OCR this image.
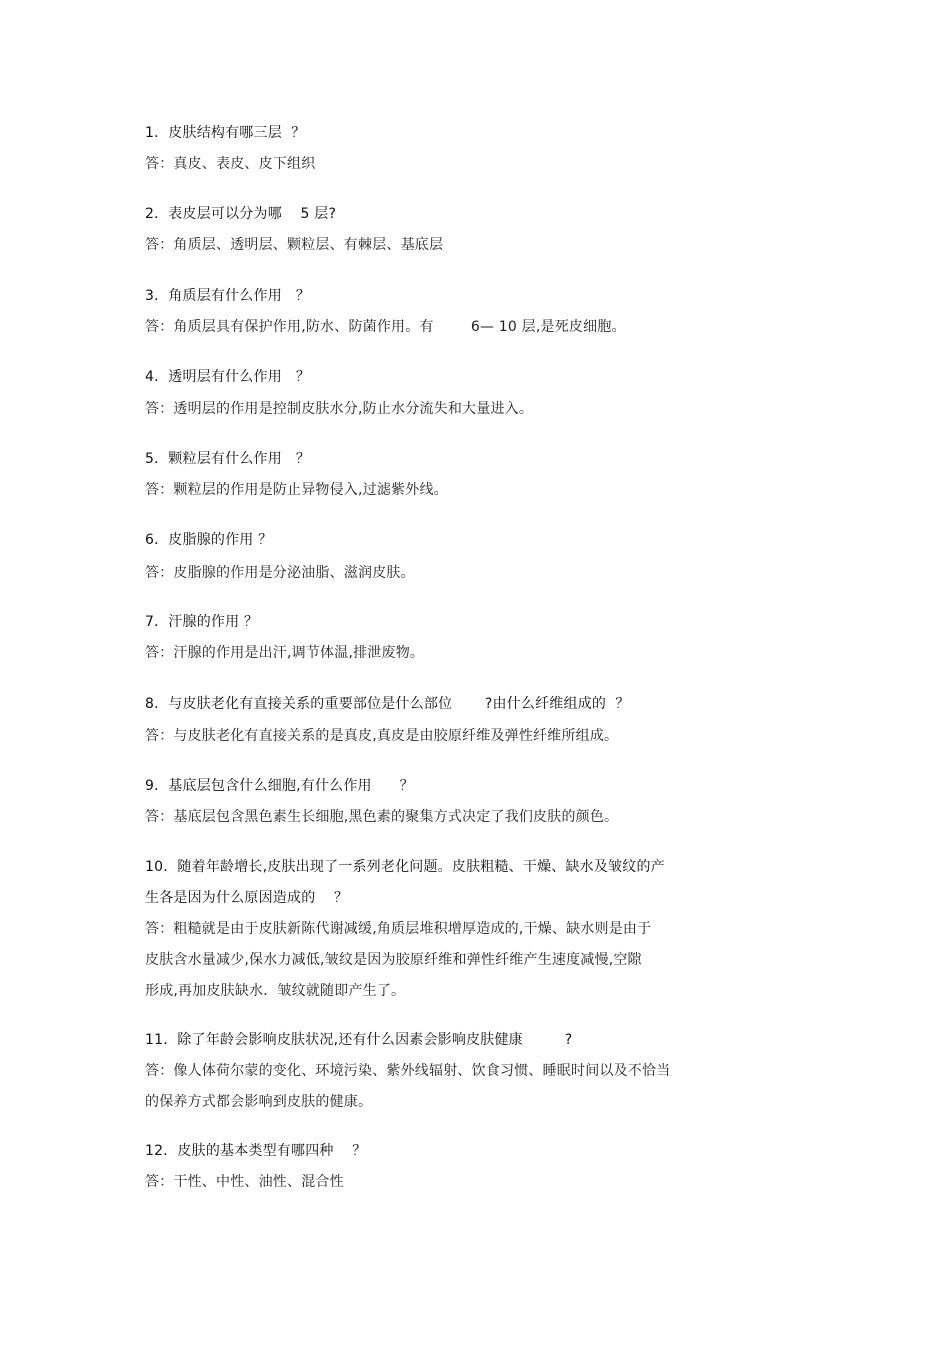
1．皮肤结构有哪三层  ？

答：真皮、表皮、皮下组织

2．表皮层可以分为哪    5 层?

答：角质层、透明层、颗粒层、有棘层、基底层

3．角质层有什么作用   ？

答：角质层具有保护作用,防水、防菌作用。有        6— 10 层,是死皮细胞。

4．透明层有什么作用   ？

答：透明层的作用是控制皮肤水分,防止水分流失和大量进入。

5．颗粒层有什么作用   ？

答：颗粒层的作用是防止异物侵入,过滤紫外线。

6．皮脂腺的作用 ？

答：皮脂腺的作用是分泌油脂、滋润皮肤。

7．汗腺的作用 ？

答：汗腺的作用是出汗,调节体温,排泄废物。

8．与皮肤老化有直接关系的重要部位是什么部位       ?由什么纤维组成的  ？

答：与皮肤老化有直接关系的是真皮,真皮是由胶原纤维及弹性纤维所组成。

9．基底层包含什么细胞,有什么作用      ？

答：基底层包含黑色素生长细胞,黑色素的聚集方式决定了我们皮肤的颜色。

10．随着年龄增长,皮肤出现了一系列老化问题。皮肤粗糙、干燥、缺水及皱纹的产

生各是因为什么原因造成的    ？

答：粗糙就是由于皮肤新陈代谢减缓,角质层堆积增厚造成的,干燥、缺水则是由于

皮肤含水量减少,保水力减低,皱纹是因为胶原纤维和弹性纤维产生速度减慢,空隙

形成,再加皮肤缺水．皱纹就随即产生了。

11．除了年龄会影响皮肤状况,还有什么因素会影响皮肤健康         ?

答：像人体荷尔蒙的变化、环境污染、紫外线辐射、饮食习惯、睡眠时间以及不恰当

的保养方式都会影响到皮肤的健康。

12．皮肤的基本类型有哪四种    ？

答：干性、中性、油性、混合性
